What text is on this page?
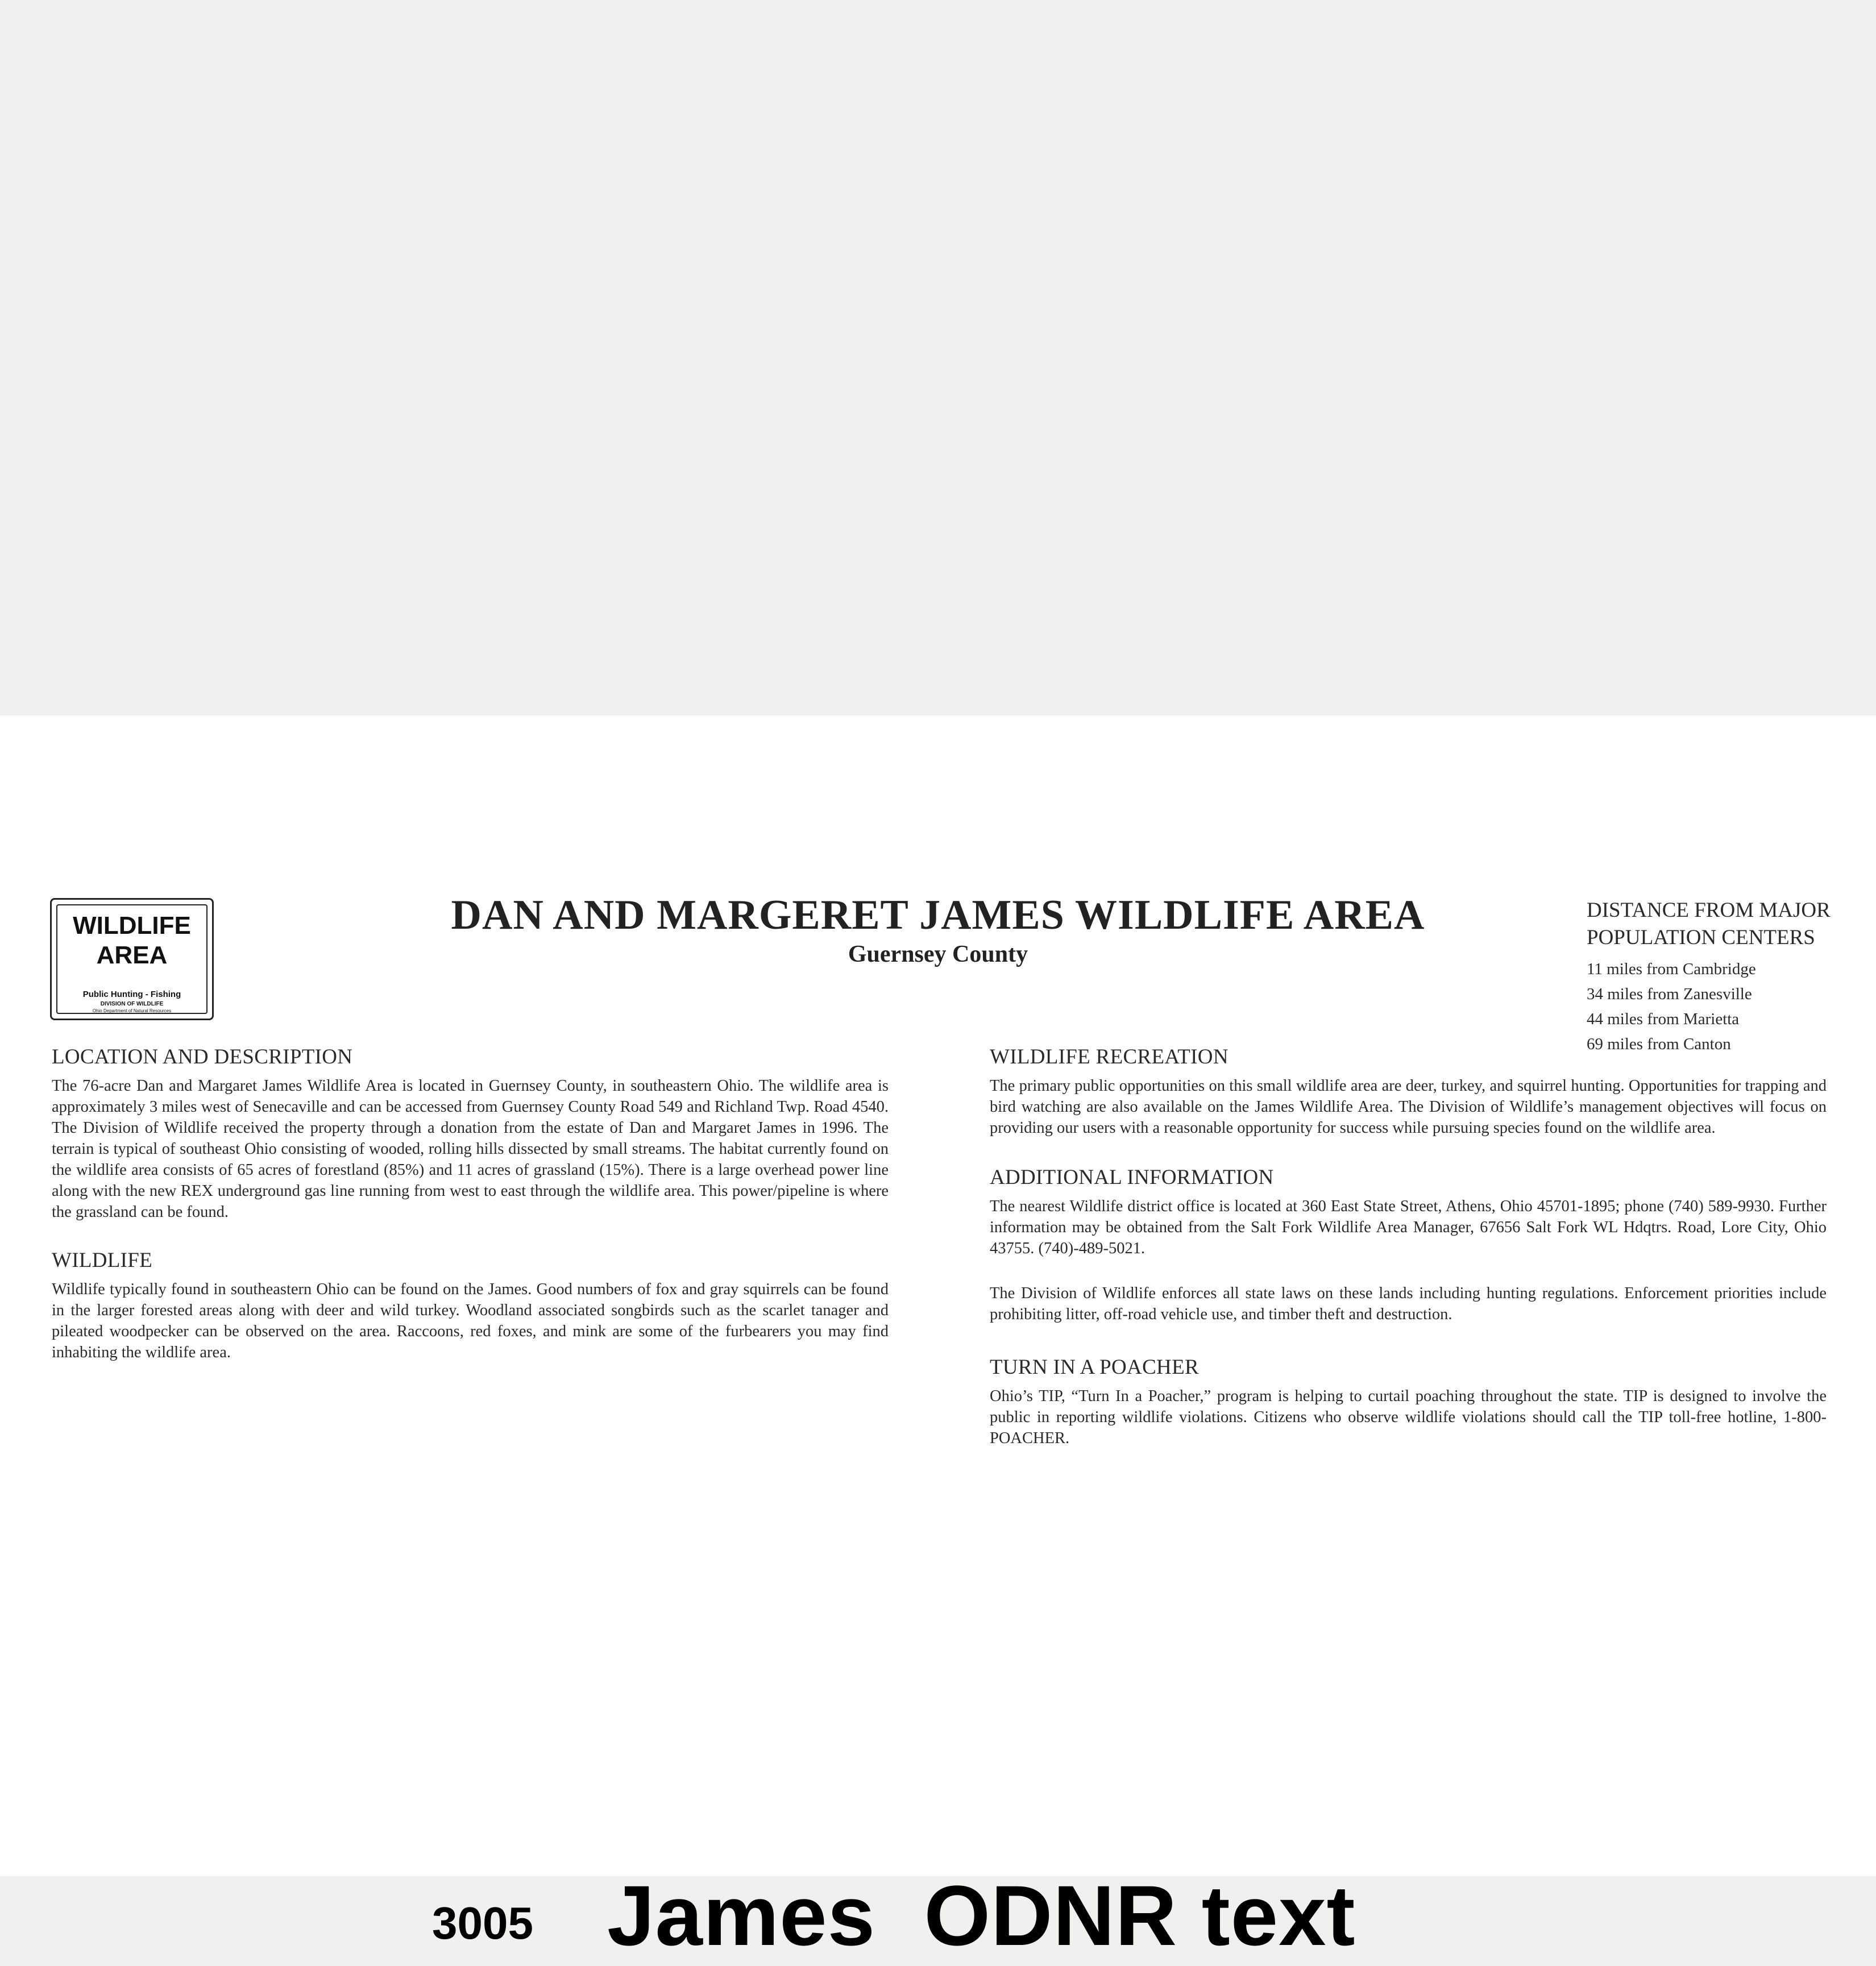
WILDLIFE
AREA
Public Hunting - Fishing
DIVISION OF WILDLIFE
Ohio Department of Natural Resources
DAN AND MARGERET JAMES WILDLIFE AREA
Guernsey County
DISTANCE FROM MAJOR
POPULATION CENTERS
11 miles from Cambridge
34 miles from Zanesville
44 miles from Marietta
69 miles from Canton
LOCATION AND DESCRIPTION

The 76-acre Dan and Margaret James Wildlife Area is located in Guernsey County, in southeastern Ohio. The wildlife area is approximately 3 miles west of Senecaville and can be accessed from Guernsey County Road 549 and Richland Twp. Road 4540. The Division of Wildlife received the property through a donation from the estate of Dan and Margaret James in 1996. The terrain is typical of southeast Ohio consisting of wooded, rolling hills dissected by small streams. The habitat currently found on the wildlife area consists of 65 acres of forestland (85%) and 11 acres of grassland (15%). There is a large overhead power line along with the new REX underground gas line running from west to east through the wildlife area. This power/pipeline is where the grassland can be found.

WILDLIFE

Wildlife typically found in southeastern Ohio can be found on the James. Good numbers of fox and gray squirrels can be found in the larger forested areas along with deer and wild turkey. Woodland associated songbirds such as the scarlet tanager and pileated woodpecker can be observed on the area. Raccoons, red foxes, and mink are some of the furbearers you may find inhabiting the wildlife area.

WILDLIFE RECREATION

The primary public opportunities on this small wildlife area are deer, turkey, and squirrel hunting. Opportunities for trapping and bird watching are also available on the James Wildlife Area. The Division of Wildlife’s management objectives will focus on providing our users with a reasonable opportunity for success while pursuing species found on the wildlife area.

ADDITIONAL INFORMATION

The nearest Wildlife district office is located at 360 East State Street, Athens, Ohio 45701-1895; phone (740) 589-9930. Further information may be obtained from the Salt Fork Wildlife Area Manager, 67656 Salt Fork WL Hdqtrs. Road, Lore City, Ohio 43755. (740)-489-5021.

The Division of Wildlife enforces all state laws on these lands including hunting regulations. Enforcement priorities include prohibiting litter, off-road vehicle use, and timber theft and destruction.

TURN IN A POACHER

Ohio’s TIP, “Turn In a Poacher,” program is helping to curtail poaching throughout the state. TIP is designed to involve the public in reporting wildlife violations. Citizens who observe wildlife violations should call the TIP toll-free hotline, 1-800-POACHER.

3005 James  ODNR text
